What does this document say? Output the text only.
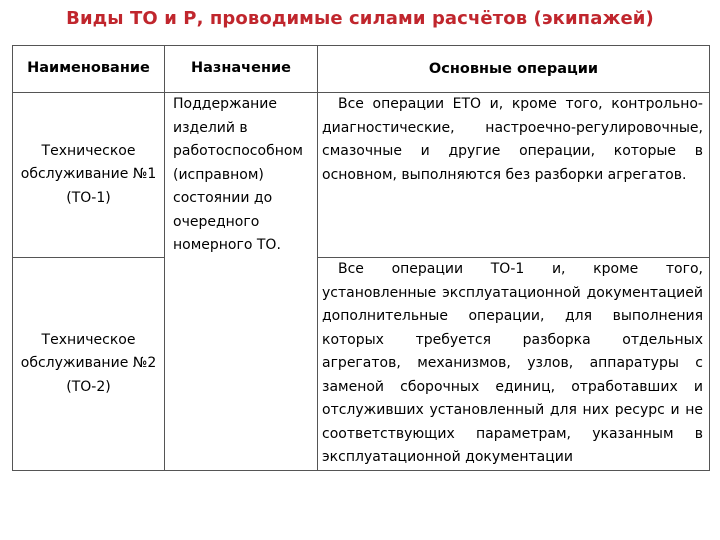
Виды ТО и Р, проводимые силами расчётов (экипажей)
Наименование	Назначение	Основные операции
Техническое обслуживание №1 (ТО-1)	Поддержание изделий в работоспособном (исправном) состоянии до очередного номерного ТО.	Все операции ЕТО и, кроме того, контрольно-диагностические, настроечно-регулировочные, смазочные и другие операции, которые в основном, выполняются без разборки агрегатов.

Техническое обслуживание №2 (ТО-2)		Все операции ТО-1 и, кроме того, установленные эксплуатационной документацией дополнительные операции, для выполнения которых требуется разборка отдельных агрегатов, механизмов, узлов, аппаратуры с заменой сборочных единиц, отработавших и отслуживших установленный для них ресурс и не соответствующих параметрам, указанным в эксплуатационной документации
